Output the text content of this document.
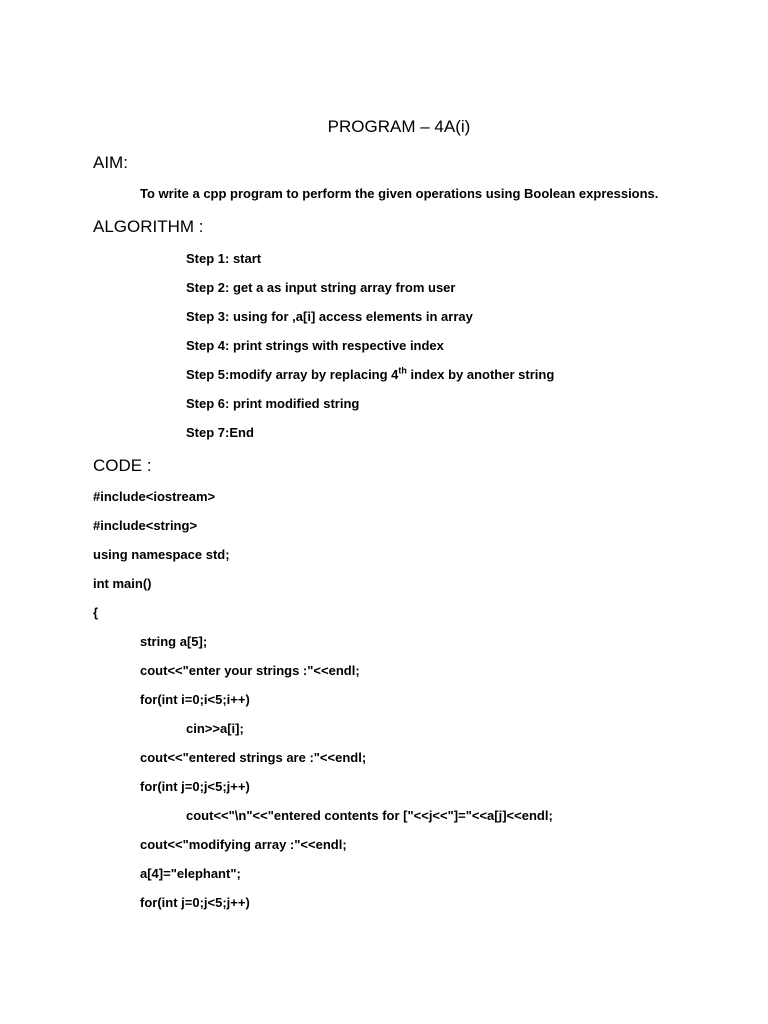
PROGRAM – 4A(i)
AIM:
To write a cpp program to perform the given operations using Boolean expressions.
ALGORITHM :
Step 1: start
Step 2: get a as input string array from user
Step 3: using for ,a[i] access elements in array
Step 4: print strings with respective index
Step 5:modify array by replacing 4th index by another string
Step 6: print modified string
Step 7:End
CODE :
#include<iostream>
#include<string>
using namespace std;
int main()
{
string a[5];
cout<<"enter your strings :"<<endl;
for(int i=0;i<5;i++)
cin>>a[i];
cout<<"entered strings are :"<<endl;
for(int j=0;j<5;j++)
cout<<"\n"<<"entered contents for ["<<j<<"]="<<a[j]<<endl;
cout<<"modifying array :"<<endl;
a[4]="elephant";
for(int j=0;j<5;j++)
